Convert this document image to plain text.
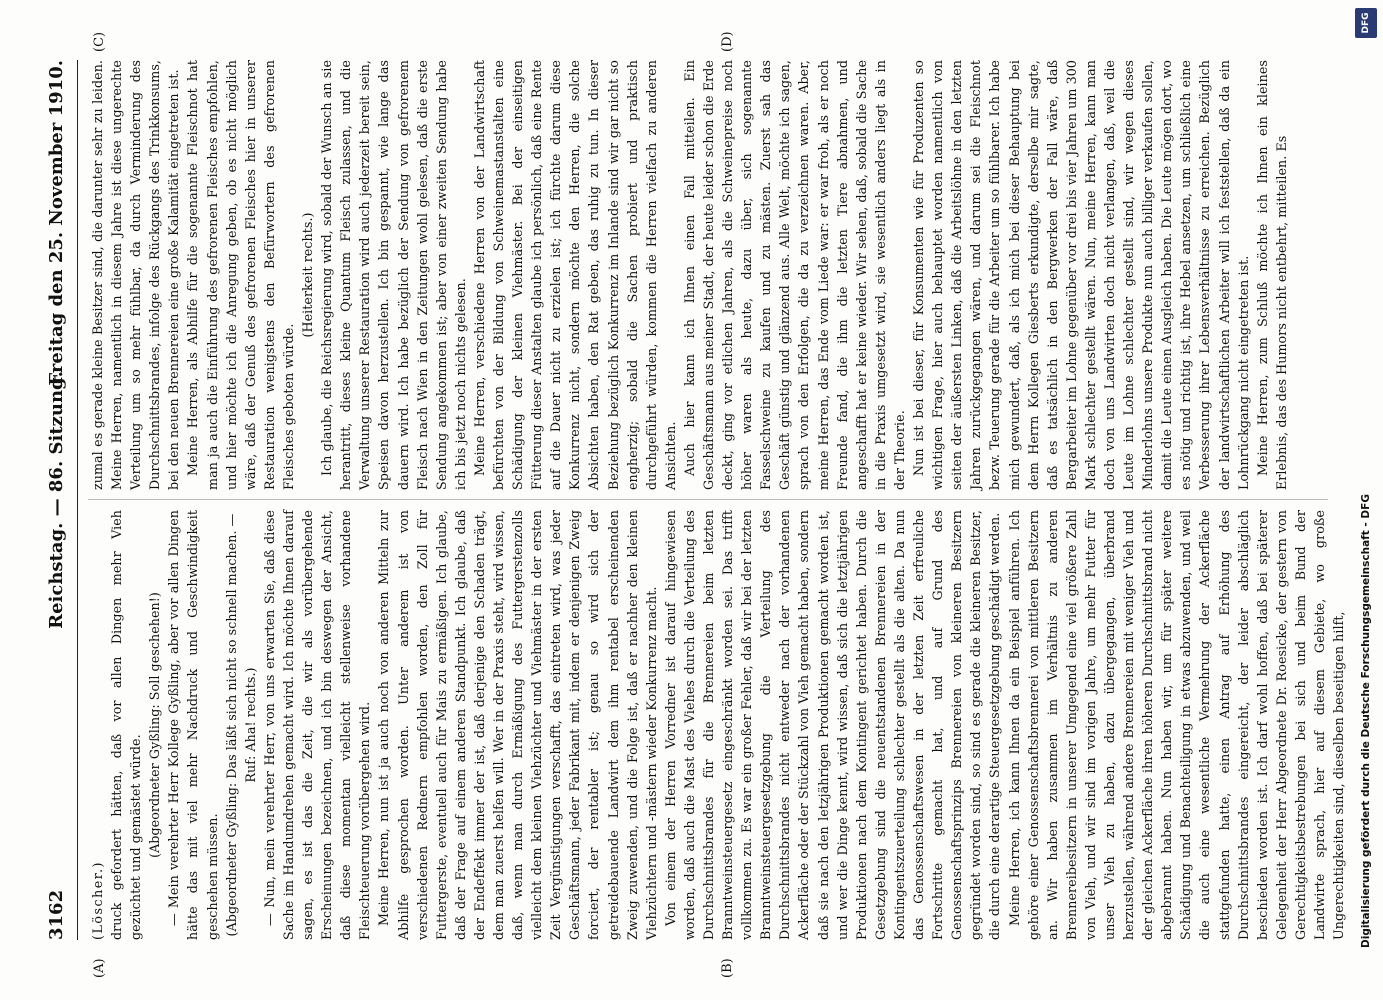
3162
Reichstag. — 86. Sitzung.
Freitag den 25. November 1910.
(A)	(B)
(C)	(D)

(Löscher.) druck gefordert hätten, daß vor allen Dingen mehr Vieh gezüchtet und gemästet würde. (Abgeordneter Gyßling: Soll geschehen!) — Mein verehrter Herr Kollege Gyßling, aber vor allen Dingen hätte das mit viel mehr Nachdruck und Geschwindigkeit geschehen müssen. (Abgeordneter Gyßling: Das läßt sich nicht so schnell machen. — Ruf: Aha! rechts.) — Nun, mein verehrter Herr, von uns erwarten Sie, daß diese Sache im Handumdrehen gemacht wird. Ich möchte Ihnen darauf sagen, es ist das die Zeit, die wir als vorübergehende Erscheinungen bezeichnen, und ich bin deswegen der Ansicht, daß diese momentan vielleicht stellenweise vorhandene Fleischteuerung vorübergehen wird. Meine Herren, nun ist ja auch noch von anderen Mitteln zur Abhilfe gesprochen worden. Unter anderem ist von verschiedenen Rednern empfohlen worden, den Zoll für Futtergerste, eventuell auch für Mais zu ermäßigen. Ich glaube, daß der Frage auf einem anderen Standpunkt. Ich glaube, daß der Endeffekt immer der ist, daß derjenige den Schaden trägt, dem man zuerst helfen will. Wer in der Praxis steht, wird wissen, daß, wenn man durch Ermäßigung des Futtergerstenzolls vielleicht dem kleinen Viehzüchter und Viehmäster in der ersten Zeit Vergünstigungen verschafft, das eintreten wird, was jeder Geschäftsmann, jeder Fabrikant mit, indem er denjenigen Zweig forciert, der rentabler ist; genau so wird sich der getreidebauende Landwirt dem ihm rentabel erscheinenden Zweig zuwenden, und die Folge ist, daß er nachher den kleinen Viehzüchtern und -mästern wieder Konkurrenz macht. Von einem der Herren Vorredner ist darauf hingewiesen worden, daß auch die Mast des Viehes durch die Verteilung des Durchschnittsbrandes für die Brennereien beim letzten Branntweinsteuergesetz eingeschränkt worden sei. Das trifft vollkommen zu. Es war ein großer Fehler, daß wir bei der letzten Branntweinsteuergesetzgebung die Verteilung des Durchschnittsbrandes nicht entweder nach der vorhandenen Ackerfläche oder der Stückzahl von Vieh gemacht haben, sondern daß sie nach den letzjährigen Produktionen gemacht worden ist, und wer die Dinge kennt, wird wissen, daß sich die letztjährigen Produktionen nach dem Kontingent gerichtet haben. Durch die Gesetzgebung sind die neuentstandenen Brennereien in der Kontingentszuerteilung schlechter gestellt als die alten. Da nun das Genossenschaftswesen in der letzten Zeit erfreuliche Fortschritte gemacht hat, und auf Grund des Genossenschaftsprinzips Brennereien von kleineren Besitzern gegründet worden sind, so sind es gerade die kleineren Besitzer, die durch eine derartige Steuergesetzgebung geschädigt werden. Meine Herren, ich kann Ihnen da ein Beispiel anführen. Ich gehöre einer Genossenschaftsbrennerei von mittleren Besitzern an. Wir haben zusammen im Verhältnis zu anderen Brennereibesitzern in unserer Umgegend eine viel größere Zahl von Vieh, und wir sind im vorigen Jahre, um mehr Futter für unser Vieh zu haben, dazu übergegangen, überbrand herzustellen, während andere Brennereien mit weniger Vieh und der gleichen Ackerfläche ihren höheren Durchschnittsbrand nicht abgebrannt haben. Nun haben wir, um für später weitere Schädigung und Benachteiligung in etwas abzuwenden, und weil die auch eine wesentliche Vermehrung der Ackerfläche stattgefunden hatte, einen Antrag auf Erhöhung des Durchschnittsbrandes eingereicht, der leider abschläglich beschieden worden ist. Ich darf wohl hoffen, daß bei späterer Gelegenheit der Herr Abgeordnete Dr. Roesicke, der gestern von Gerechtigkeitsbestrebungen bei sich und beim Bund der Landwirte sprach, hier auf diesem Gebiete, wo große Ungerechtigkeiten sind, dieselben beseitigen hilft,

zumal es gerade kleine Besitzer sind, die darunter sehr zu leiden. Meine Herren, namentlich in diesem Jahre ist diese ungerechte Verteilung um so mehr fühlbar, da durch Verminderung des Durchschnittsbrandes, infolge des Rückgangs des Trinkkonsums, bei den neuen Brennereien eine große Kalamität eingetreten ist. Meine Herren, als Abhilfe für die sogenannte Fleischnot hat man ja auch die Einführung des gefrorenen Fleisches empfohlen, und hier möchte ich die Anregung geben, ob es nicht möglich wäre, daß der Genuß des gefrorenen Fleisches hier in unserer Restauration wenigstens den Befürwortern des gefrorenen Fleisches geboten würde.

(Heiterkeit rechts.) Ich glaube, die Reichsregierung wird, sobald der Wunsch an sie herantritt, dieses kleine Quantum Fleisch zulassen, und die Verwaltung unserer Restauration wird auch jederzeit bereit sein, Speisen davon herzustellen. Ich bin gespannt, wie lange das dauern wird. Ich habe bezüglich der Sendung von gefrorenem Fleisch nach Wien in den Zeitungen wohl gelesen, daß die erste Sendung angekommen ist; aber von einer zweiten Sendung habe ich bis jetzt noch nichts gelesen. Meine Herren, verschiedene Herren von der Landwirtschaft befürchten von der Bildung von Schweinemastanstalten eine Schädigung der kleinen Viehmäster. Bei der einseitigen Fütterung dieser Anstalten glaube ich persönlich, daß eine Rente auf die Dauer nicht zu erzielen ist; ich fürchte darum diese Konkurrenz nicht, sondern möchte den Herren, die solche Absichten haben, den Rat geben, das ruhig zu tun. In dieser Beziehung bezüglich Konkurrenz im Inlande sind wir gar nicht so engherzig; sobald die Sachen probiert und praktisch durchgeführt würden, kommen die Herren vielfach zu anderen Ansichten. Auch hier kann ich Ihnen einen Fall mitteilen. Ein Geschäftsmann aus meiner Stadt, der heute leider schon die Erde deckt, ging vor etlichen Jahren, als die Schweinepreise noch höher waren als heute, dazu über, sich sogenannte Fasselschweine zu kaufen und zu mästen. Zuerst sah das Geschäft günstig und glänzend aus. Alle Welt, möchte ich sagen, sprach von den Erfolgen, die da zu verzeichnen waren. Aber, meine Herren, das Ende vom Liede war: er war froh, als er noch Freunde fand, die ihm die letzten Tiere abnahmen, und angeschafft hat er keine wieder. Wir sehen, daß, sobald die Sache in die Praxis umgesetzt wird, sie wesentlich anders liegt als in der Theorie. Nun ist bei dieser, für Konsumenten wie für Produzenten so wichtigen Frage, hier auch behauptet worden namentlich von seiten der äußersten Linken, daß die Arbeitslöhne in den letzten Jahren zurückgegangen wären, und darum sei die Fleischnot bezw. Teuerung gerade für die Arbeiter um so fühlbarer. Ich habe mich gewundert, daß, als ich mich bei dieser Behauptung bei dem Herrn Kollegen Giesberts erkundigte, derselbe mir sagte, daß es tatsächlich in den Bergwerken der Fall wäre, daß Bergarbeiter im Lohne gegenüber vor drei bis vier Jahren um 300 Mark schlechter gestellt wären. Nun, meine Herren, kann man doch von uns Landwirten doch nicht verlangen, daß, weil die Leute im Lohne schlechter gestellt sind, wir wegen dieses Minderlohns unsere Produkte nun auch billiger verkaufen sollen, damit die Leute einen Ausgleich haben. Die Leute mögen dort, wo es nötig und richtig ist, ihre Hebel ansetzen, um schließlich eine Verbesserung ihrer Lebensverhältnisse zu erreichen. Bezüglich der landwirtschaftlichen Arbeiter will ich feststellen, daß da ein Lohnrückgang nicht eingetreten ist. Meine Herren, zum Schluß möchte ich Ihnen ein kleines Erlebnis, das des Humors nicht entbehrt, mitteilen. Es

DFG
Digitalisierung gefördert durch die Deutsche Forschungsgemeinschaft - DFG
